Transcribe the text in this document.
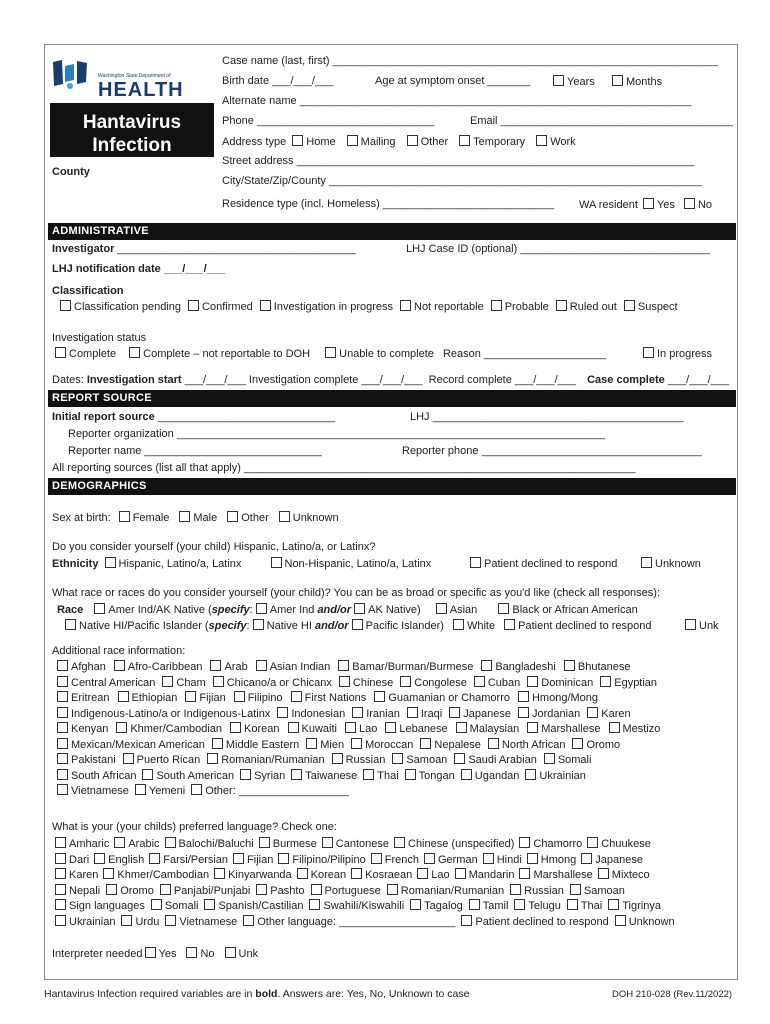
Washington State Department of
HEALTH
Hantavirus
Infection
County
Case name (last, first) _______________________________________________________________
Birth date ___/___/___	Age at symptom onset _______	Years	Months
Alternate name ________________________________________________________________
Phone _____________________________	Email ______________________________________
Address type Home Mailing Other Temporary Work
Street address _________________________________________________________________
City/State/Zip/County _____________________________________________________________
Residence type (incl. Homeless) ____________________________ WA resident Yes No
ADMINISTRATIVE
Investigator _______________________________________	LHJ Case ID (optional) _______________________________
LHJ notification date ___/___/___
Classification
Classification pending Confirmed Investigation in progress Not reportable Probable Ruled out Suspect
Investigation status
Complete Complete – not reportable to DOH	Unable to complete Reason ____________________	In progress
Dates: Investigation start ___/___/___ Investigation complete ___/___/___ Record complete ___/___/___ Case complete ___/___/___
REPORT SOURCE
Initial report source _____________________________	LHJ _________________________________________
Reporter organization ______________________________________________________________________
Reporter name _____________________________	Reporter phone ____________________________________
All reporting sources (list all that apply) ________________________________________________________________
DEMOGRAPHICS
Sex at birth: Female Male Other Unknown
Do you consider yourself (your child) Hispanic, Latino/a, or Latinx?
Ethnicity Hispanic, Latino/a, Latinx	Non-Hispanic, Latino/a, Latinx	Patient declined to respond	Unknown
What race or races do you consider yourself (your child)? You can be as broad or specific as you'd like (check all responses):
Race Amer Ind/AK Native (specify: Amer Ind and/or AK Native)	Asian	Black or African American
Native HI/Pacific Islander (specify: Native HI and/or Pacific Islander) White Patient declined to respond	Unk
Additional race information:
Afghan Afro-Caribbean Arab Asian Indian Bamar/Burman/Burmese Bangladeshi Bhutanese
Central American Cham Chicano/a or Chicanx Chinese Congolese Cuban Dominican Egyptian
Eritrean Ethiopian Fijian Filipino First Nations Guamanian or Chamorro Hmong/Mong
Indigenous-Latino/a or Indigenous-Latinx Indonesian Iranian Iraqi Japanese Jordanian Karen
Kenyan Khmer/Cambodian Korean Kuwaiti Lao Lebanese Malaysian Marshallese Mestizo
Mexican/Mexican American Middle Eastern Mien Moroccan Nepalese North African Oromo
Pakistani Puerto Rican Romanian/Rumanian Russian Samoan Saudi Arabian Somali
South African South American Syrian Taiwanese Thai Tongan Ugandan Ukrainian
Vietnamese Yemeni Other: __________________
What is your (your childs) preferred language? Check one:
Amharic Arabic Balochi/Baluchi Burmese Cantonese Chinese (unspecified) Chamorro Chuukese
Dari English Farsi/Persian Fijian Filipino/Pilipino French German Hindi Hmong Japanese
Karen Khmer/Cambodian Kinyarwanda Korean Kosraean Lao Mandarin Marshallese Mixteco
Nepali Oromo Panjabi/Punjabi Pashto Portuguese Romanian/Rumanian Russian Samoan
Sign languages Somali Spanish/Castilian Swahili/Kiswahili Tagalog Tamil Telugu Thai Tigrinya
Ukrainian Urdu Vietnamese Other language: ___________________ Patient declined to respond Unknown
Interpreter needed Yes No Unk
Hantavirus Infection required variables are in bold. Answers are: Yes, No, Unknown to case	DOH 210-028 (Rev.11/2022)
